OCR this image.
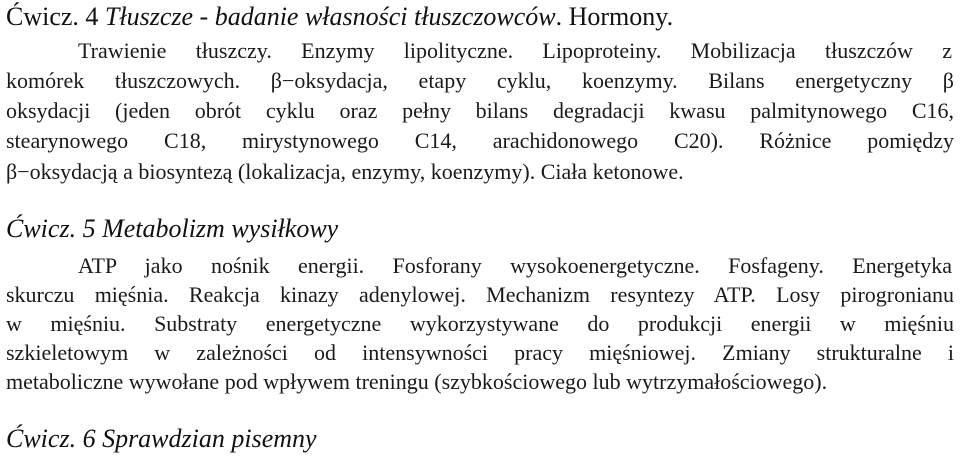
Ćwicz. 4 Tłuszcze - badanie własności tłuszczowców. Hormony.
Trawienie tłuszczy. Enzymy lipolityczne. Lipoproteiny. Mobilizacja tłuszczów z
komórek tłuszczowych. β−oksydacja, etapy cyklu, koenzymy. Bilans energetyczny β
oksydacji (jeden obrót cyklu oraz pełny bilans degradacji kwasu palmitynowego C16,
stearynowego C18, mirystynowego C14, arachidonowego C20). Różnice pomiędzy
β−oksydacją a biosyntezą (lokalizacja, enzymy, koenzymy). Ciała ketonowe.
Ćwicz. 5 Metabolizm wysiłkowy
ATP jako nośnik energii. Fosforany wysokoenergetyczne. Fosfageny. Energetyka
skurczu mięśnia. Reakcja kinazy adenylowej. Mechanizm resyntezy ATP. Losy pirogronianu
w mięśniu. Substraty energetyczne wykorzystywane do produkcji energii w mięśniu
szkieletowym w zależności od intensywności pracy mięśniowej. Zmiany strukturalne i
metaboliczne wywołane pod wpływem treningu (szybkościowego lub wytrzymałościowego).
Ćwicz. 6 Sprawdzian pisemny
